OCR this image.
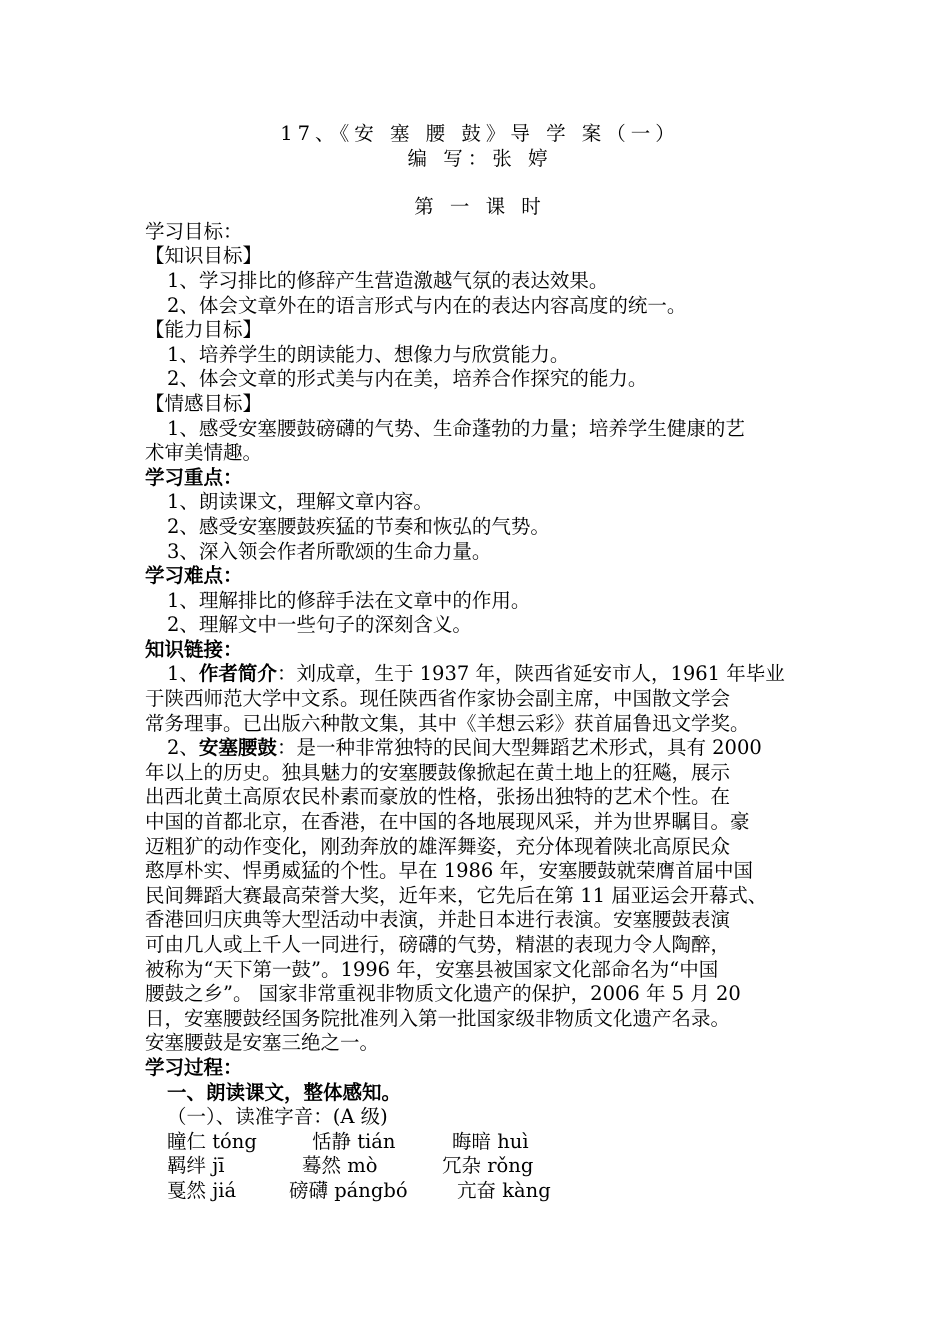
17、《安 塞 腰 鼓》导 学 案（一）
编 写：张 婷
第 一 课 时
学习目标：
【知识目标】
1、学习排比的修辞产生营造激越气氛的表达效果。
2、体会文章外在的语言形式与内在的表达内容高度的统一。
【能力目标】
1、培养学生的朗读能力、想像力与欣赏能力。
2、体会文章的形式美与内在美，培养合作探究的能力。
【情感目标】
1、感受安塞腰鼓磅礴的气势、生命蓬勃的力量；培养学生健康的艺
术审美情趣。
学习重点：
1、朗读课文，理解文章内容。
2、感受安塞腰鼓疾猛的节奏和恢弘的气势。
3、深入领会作者所歌颂的生命力量。
学习难点：
1、理解排比的修辞手法在文章中的作用。
2、理解文中一些句子的深刻含义。
知识链接：
1、作者简介：刘成章，生于 1937 年，陕西省延安市人，1961 年毕业
于陕西师范大学中文系。现任陕西省作家协会副主席，中国散文学会
常务理事。已出版六种散文集，其中《羊想云彩》获首届鲁迅文学奖。
2、安塞腰鼓：是一种非常独特的民间大型舞蹈艺术形式，具有 2000
年以上的历史。独具魅力的安塞腰鼓像掀起在黄土地上的狂飚，展示
出西北黄土高原农民朴素而豪放的性格，张扬出独特的艺术个性。在
中国的首都北京，在香港，在中国的各地展现风采，并为世界瞩目。豪
迈粗犷的动作变化，刚劲奔放的雄浑舞姿，充分体现着陕北高原民众
憨厚朴实、悍勇威猛的个性。早在 1986 年，安塞腰鼓就荣膺首届中国
民间舞蹈大赛最高荣誉大奖，近年来，它先后在第 11 届亚运会开幕式、
香港回归庆典等大型活动中表演，并赴日本进行表演。安塞腰鼓表演
可由几人或上千人一同进行，磅礴的气势，精湛的表现力令人陶醉，
被称为“天下第一鼓”。1996 年，安塞县被国家文化部命名为“中国
腰鼓之乡”。 国家非常重视非物质文化遗产的保护，2006 年 5 月 20
日，安塞腰鼓经国务院批准列入第一批国家级非物质文化遗产名录。
安塞腰鼓是安塞三绝之一。
学习过程：
一、朗读课文，整体感知。
（一）、读准字音：(A 级)
瞳仁 tóng	恬静 tián	晦暗 huì
羁绊 jī	蓦然 mò	冗杂 rǒng
戛然 jiá	磅礴 pángbó	亢奋 kàng
